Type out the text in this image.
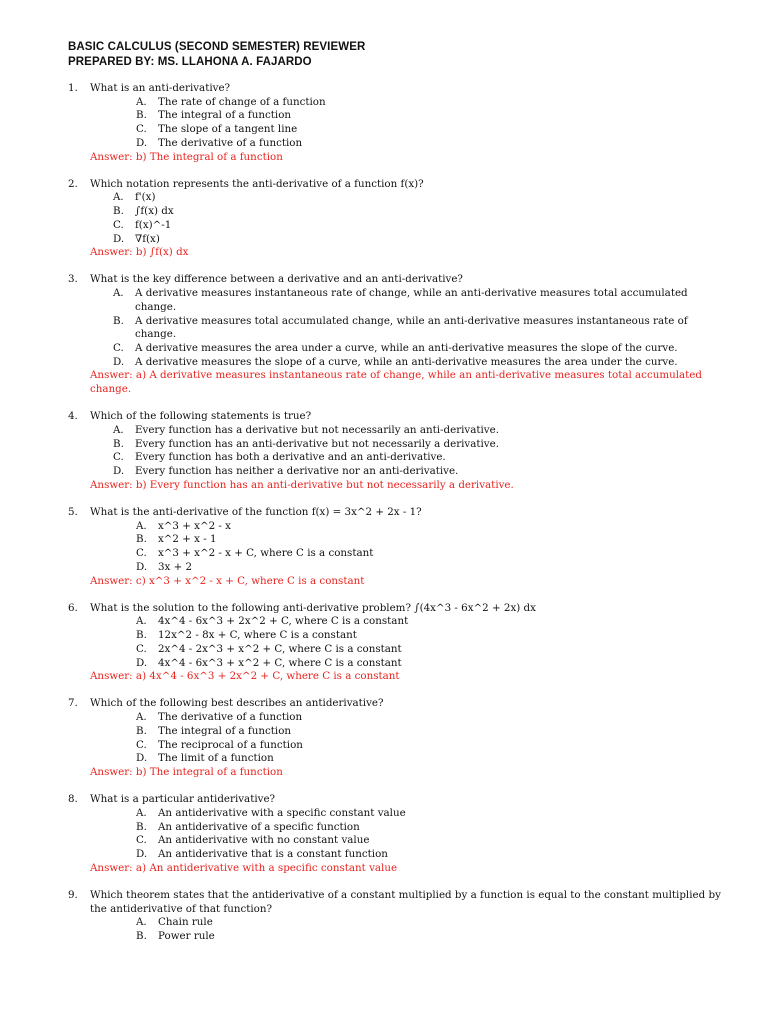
BASIC CALCULUS (SECOND SEMESTER) REVIEWER
PREPARED BY: MS. LLAHONA A. FAJARDO
1. What is an anti-derivative?
A. The rate of change of a function
B. The integral of a function
C. The slope of a tangent line
D. The derivative of a function
Answer: b) The integral of a function
2. Which notation represents the anti-derivative of a function f(x)?
A. f'(x)
B. ∫f(x) dx
C. f(x)^-1
D. ∇f(x)
Answer: b) ∫f(x) dx
3. What is the key difference between a derivative and an anti-derivative?
A. A derivative measures instantaneous rate of change, while an anti-derivative measures total accumulated change.
B. A derivative measures total accumulated change, while an anti-derivative measures instantaneous rate of change.
C. A derivative measures the area under a curve, while an anti-derivative measures the slope of the curve.
D. A derivative measures the slope of a curve, while an anti-derivative measures the area under the curve.
Answer: a) A derivative measures instantaneous rate of change, while an anti-derivative measures total accumulated change.
4. Which of the following statements is true?
A. Every function has a derivative but not necessarily an anti-derivative.
B. Every function has an anti-derivative but not necessarily a derivative.
C. Every function has both a derivative and an anti-derivative.
D. Every function has neither a derivative nor an anti-derivative.
Answer: b) Every function has an anti-derivative but not necessarily a derivative.
5. What is the anti-derivative of the function f(x) = 3x^2 + 2x - 1?
A. x^3 + x^2 - x
B. x^2 + x - 1
C. x^3 + x^2 - x + C, where C is a constant
D. 3x + 2
Answer: c) x^3 + x^2 - x + C, where C is a constant
6. What is the solution to the following anti-derivative problem? ∫(4x^3 - 6x^2 + 2x) dx
A. 4x^4 - 6x^3 + 2x^2 + C, where C is a constant
B. 12x^2 - 8x + C, where C is a constant
C. 2x^4 - 2x^3 + x^2 + C, where C is a constant
D. 4x^4 - 6x^3 + x^2 + C, where C is a constant
Answer: a) 4x^4 - 6x^3 + 2x^2 + C, where C is a constant
7. Which of the following best describes an antiderivative?
A. The derivative of a function
B. The integral of a function
C. The reciprocal of a function
D. The limit of a function
Answer: b) The integral of a function
8. What is a particular antiderivative?
A. An antiderivative with a specific constant value
B. An antiderivative of a specific function
C. An antiderivative with no constant value
D. An antiderivative that is a constant function
Answer: a) An antiderivative with a specific constant value
9. Which theorem states that the antiderivative of a constant multiplied by a function is equal to the constant multiplied by the antiderivative of that function?
A. Chain rule
B. Power rule
